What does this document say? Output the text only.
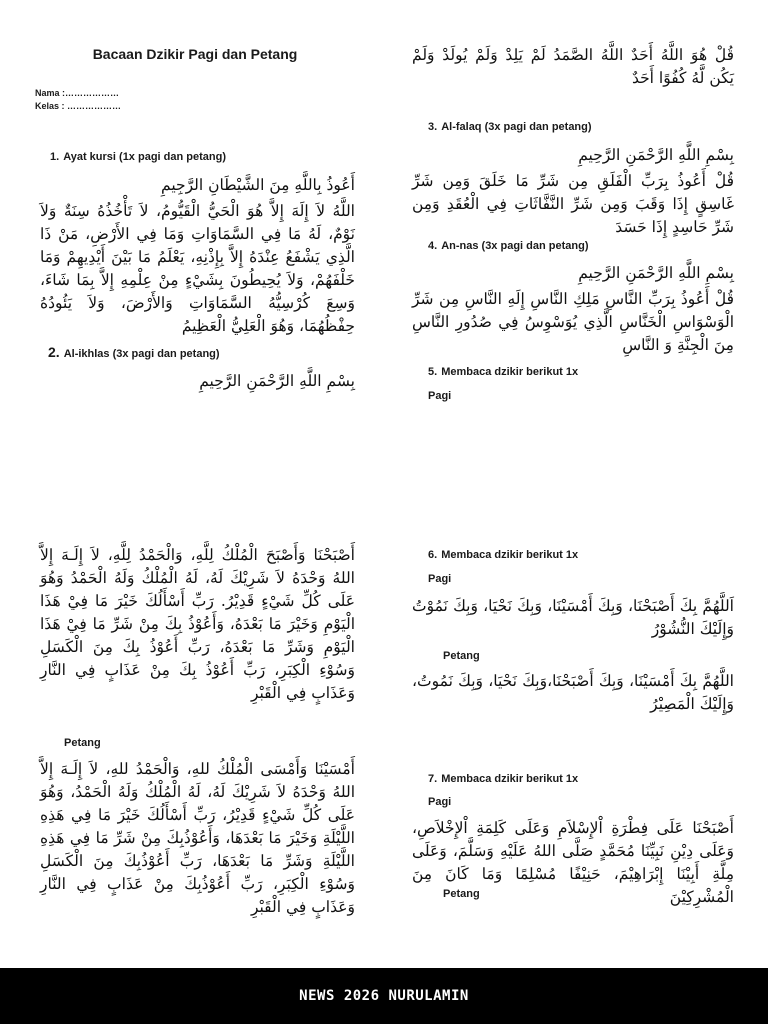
Bacaan Dzikir Pagi dan Petang
Nama :………………
Kelas : ………………
1. Ayat kursi (1x pagi dan petang)
أَعُوذُ بِاللَّهِ مِنَ الشَّيْطَانِ الرَّجِيمِ
اللَّهُ لاَ إِلَهَ إِلاَّ هُوَ الْحَيُّ الْقَيُّومُ، لاَ تَأْخُذُهُ سِنَةٌ وَلاَ نَوْمٌ، لَهُ مَا فِي السَّمَاوَاتِ وَمَا فِي الأَرْضِ، مَنْ ذَا الَّذِي يَشْفَعُ عِنْدَهُ إِلاَّ بِإِذْنِهِ، يَعْلَمُ مَا بَيْنَ أَيْدِيهِمْ وَمَا خَلْفَهُمْ، وَلاَ يُحِيطُونَ بِشَيْءٍ مِنْ عِلْمِهِ إِلاَّ بِمَا شَاءَ، وَسِعَ كُرْسِيُّهُ السَّمَاوَاتِ وَالأَرْضَ، وَلاَ يَئُودُهُ حِفْظُهُمَا، وَهُوَ الْعَلِيُّ الْعَظِيمُ
2. Al-ikhlas (3x pagi dan petang)
بِسْمِ اللَّهِ الرَّحْمَنِ الرَّحِيمِ
قُلْ هُوَ اللَّهُ أَحَدٌ اللَّهُ الصَّمَدُ لَمْ يَلِدْ وَلَمْ يُولَدْ وَلَمْ يَكُن لَّهُ كُفُوًا أَحَدٌ
3. Al-falaq (3x pagi dan petang)
بِسْمِ اللَّهِ الرَّحْمَنِ الرَّحِيمِ
قُلْ أَعُوذُ بِرَبِّ الْفَلَقِ مِن شَرِّ مَا خَلَقَ وَمِن شَرِّ غَاسِقٍ إِذَا وَقَبَ وَمِن شَرِّ النَّفَّاثَاتِ فِي الْعُقَدِ وَمِن شَرِّ حَاسِدٍ إِذَا حَسَدَ
4. An-nas (3x pagi dan petang)
بِسْمِ اللَّهِ الرَّحْمَنِ الرَّحِيمِ
قُلْ أَعُوذُ بِرَبِّ النَّاسِ مَلِكِ النَّاسِ إِلَهِ النَّاسِ مِن شَرِّ الْوَسْوَاسِ الْخَنَّاسِ الَّذِي يُوَسْوِسُ فِي صُدُورِ النَّاسِ مِنَ الْجِنَّةِ وَ النَّاسِ
5. Membaca dzikir berikut 1x
Pagi
أَصْبَحْنَا وَأَصْبَحَ الْمُلْكُ لِلَّهِ، وَالْحَمْدُ لِلَّهِ، لاَ إِلَـهَ إِلاَّ اللهُ وَحْدَهُ لاَ شَرِيْكَ لَهُ، لَهُ الْمُلْكُ وَلَهُ الْحَمْدُ وَهُوَ عَلَى كُلِّ شَيْءٍ قَدِيْرُ. رَبِّ أَسْأَلُكَ خَيْرَ مَا فِيْ هَذَا الْيَوْمِ وَخَيْرَ مَا بَعْدَهُ، وَأَعُوْذُ بِكَ مِنْ شَرِّ مَا فِيْ هَذَا الْيَوْمِ وَشَرِّ مَا بَعْدَهُ، رَبِّ أَعُوْذُ بِكَ مِنَ الْكَسَلِ وَسُوْءِ الْكِبَرِ، رَبِّ أَعُوْذُ بِكَ مِنْ عَذَابٍ فِي النَّارِ وَعَذَابٍ فِي الْقَبْرِ
Petang
أَمْسَيْنَا وَأَمْسَى الْمُلْكُ للهِ، وَالْحَمْدُ للهِ، لاَ إِلَـهَ إِلاَّ اللهُ وَحْدَهُ لاَ شَرِيْكَ لَهُ، لَهُ الْمُلْكُ وَلَهُ الْحَمْدُ، وَهُوَ عَلَى كُلِّ شَيْءٍ قَدِيْرُ، رَبِّ أَسْأَلُكَ خَيْرَ مَا فِي هَذِهِ اللَّيْلَةِ وَخَيْرَ مَا بَعْدَهَا، وَأَعُوْذُبِكَ مِنْ شَرِّ مَا فِي هَذِهِ اللَّيْلَةِ وَشَرِّ مَا بَعْدَهَا، رَبِّ أَعُوْذُبِكَ مِنَ الْكَسَلِ وَسُوْءِ الْكِبَرِ، رَبِّ أَعُوْذُبِكَ مِنْ عَذَابٍ فِي النَّارِ وَعَذَابٍ فِي الْقَبْرِ
6. Membaca dzikir berikut 1x
Pagi
اَللَّهُمَّ بِكَ أَصْبَحْنَا، وَبِكَ أَمْسَيْنَا، وَبِكَ نَحْيَا، وَبِكَ نَمُوْتُ وَإِلَيْكَ النُّشُوْرُ
Petang
اللَّهُمَّ بِكَ أَمْسَيْنَا، وَبِكَ أَصْبَحْنَا،وَبِكَ نَحْيَا، وَبِكَ نَمُوتُ، وَإِلَيْكَ الْمَصِيْرُ
7. Membaca dzikir berikut 1x
Pagi
أَصْبَحْنَا عَلَى فِطْرَةِ اْلإِسْلاَمِ وَعَلَى كَلِمَةِ اْلإِخْلاَصِ، وَعَلَى دِيْنِ نَبِيِّنَا مُحَمَّدٍ صَلَّى اللهُ عَلَيْهِ وَسَلَّمَ، وَعَلَى مِلَّةِ أَبِيْنَا إِبْرَاهِيْمَ، حَنِيْفًا مُسْلِمًا وَمَا كَانَ مِنَ الْمُشْرِكِيْنَ
Petang
NEWS 2026 NURULAMIN
